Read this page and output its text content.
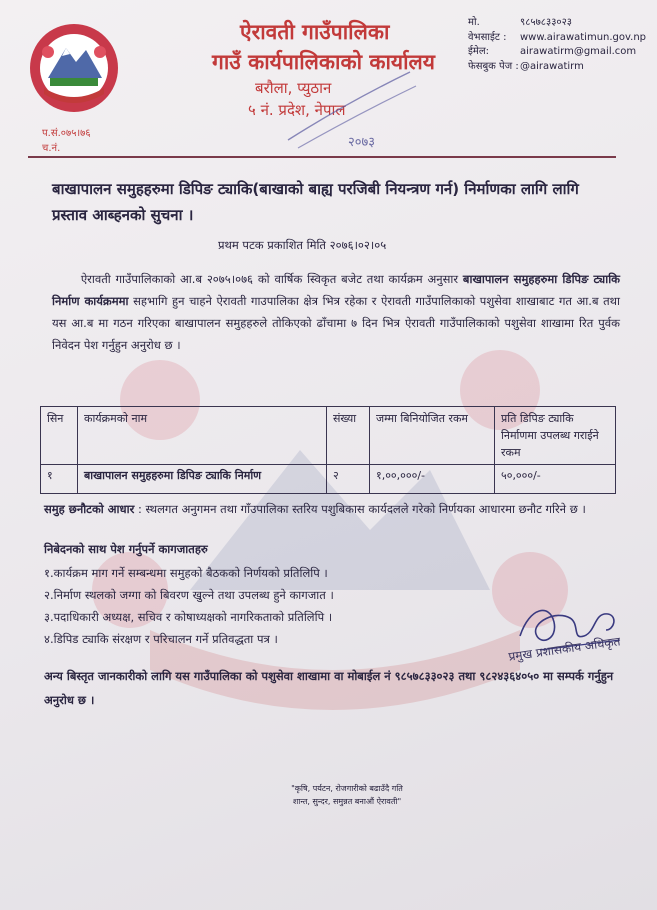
ऐरावती गाउँपालिका
गाउँ कार्यपालिकाको कार्यालय
बरौला, प्युठान
५ नं. प्रदेश, नेपाल
२०७३
मो.	९८५७८३३०२३
वेभसाईट : www.airawatimun.gov.np
ईमेल:	airawatirm@gmail.com
फेसबुक पेज :@airawatirm
प.सं.०७५।७६
च.नं.
बाखापालन समुहहरुमा डिपिङ ट्याकि(बाखाको बाह्य परजिबी नियन्त्रण गर्न) निर्माणका लागि लागि प्रस्ताव आब्हनको सुचना ।
प्रथम पटक प्रकाशित मिति २०७६।०२।०५
ऐरावती गाउँपालिकाको आ.ब २०७५।०७६ को वार्षिक स्विकृत बजेट तथा कार्यक्रम अनुसार बाखापालन समुहहरुमा डिपिङ ट्याकि निर्माण कार्यक्रममा सहभागि हुन चाहने ऐरावती गाउपालिका क्षेत्र भित्र रहेका र ऐरावती गाउँपालिकाको पशुसेवा शाखाबाट गत आ.ब तथा यस आ.ब मा गठन गरिएका बाखापालन समुहहरुले तोकिएको ढाँचामा ७ दिन भित्र ऐरावती गाउँपालिकाको पशुसेवा शाखामा रित पुर्वक निवेदन पेश गर्नुहुन अनुरोध छ ।
सिन	कार्यक्रमको नाम	संख्या	जम्मा बिनियोजित रकम	प्रति डिपिङ ट्याकि निर्माणमा उपलब्ध गराईने रकम
१	बाखापालन समुहहरुमा डिपिङ ट्याकि निर्माण	२	१,००,०००/-	५०,०००/-
समुह छनौटको आधार : स्थलगत अनुगमन तथा गाँउपालिका स्तरिय पशुबिकास कार्यदलले गरेको निर्णयका आधारमा छनौट गरिने छ ।
निबेदनको साथ पेश गर्नुपर्ने कागजातहरु
१.कार्यक्रम माग गर्ने सम्बन्धमा समुहको बैठकको निर्णयको प्रतिलिपि ।
२.निर्माण स्थलको जग्गा को बिवरण खुल्ने तथा उपलब्ध हुने कागजात ।
३.पदाधिकारी अध्यक्ष, सचिव र कोषाध्यक्षको नागरिकताको प्रतिलिपि ।
४.डिपिड ट्याकि संरक्षण र परिचालन गर्ने प्रतिवद्धता पत्र ।	प्रमुख प्रशासकीय अधिकृत
अन्य बिस्तृत जानकारीको लागि यस गाउँपालिका को पशुसेवा शाखामा वा मोबाईल नं ९८५७८३३०२३ तथा ९८२४३६४०५० मा सम्पर्क गर्नुहुन अनुरोध छ ।
"कृषि, पर्यटन, रोजगारीको बढाउँदै गति
शान्त, सुन्दर, समुन्नत बनाऔं ऐरावती"
